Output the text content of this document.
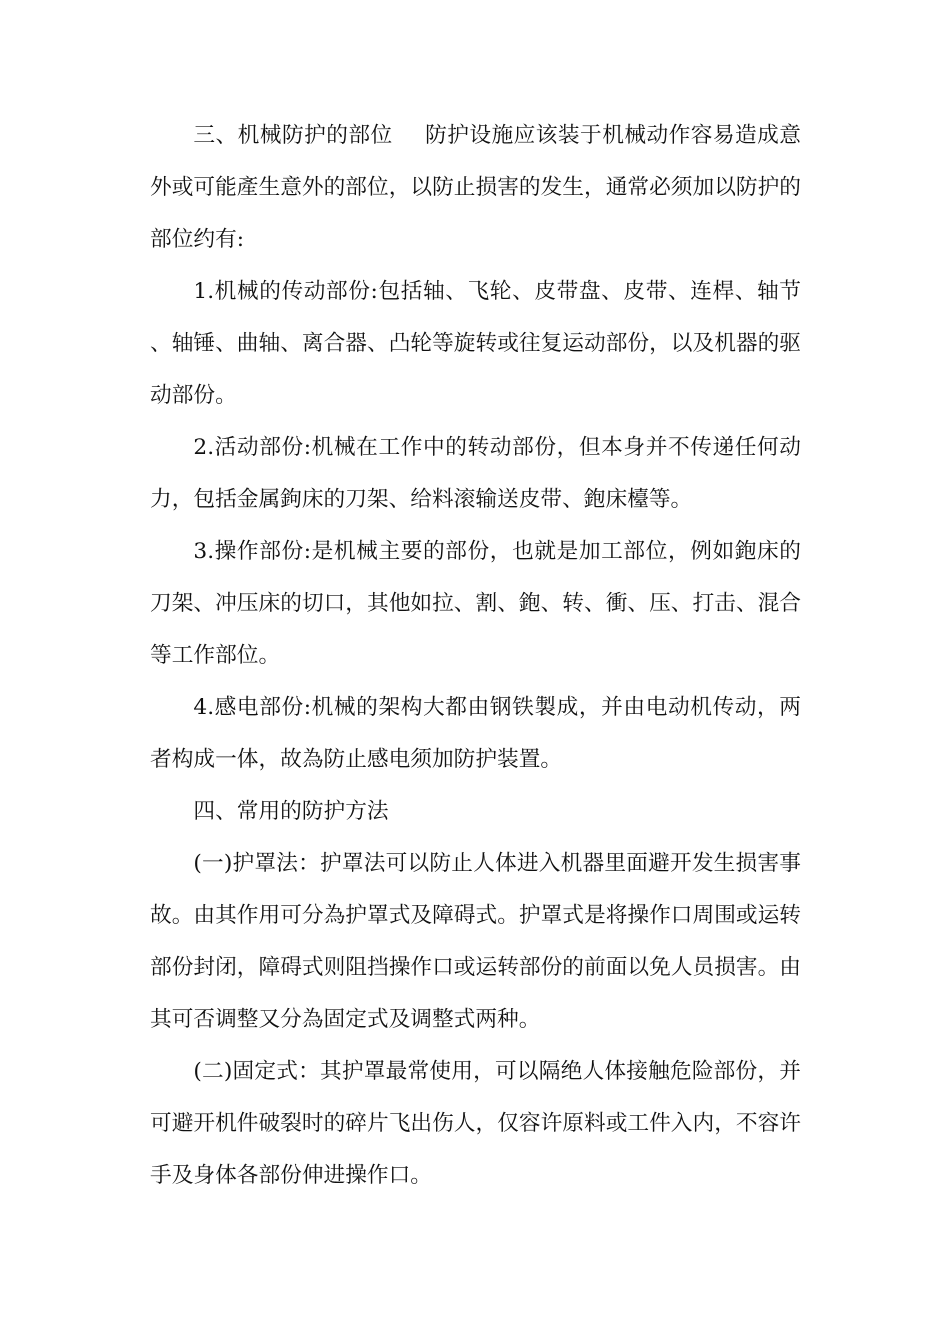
三、机械防护的部位 防护设施应该装于机械动作容易造成意外或可能產生意外的部位，以防止损害的发生，通常必须加以防护的部位约有:

1.机械的传动部份:包括轴、飞轮、皮带盘、皮带、连桿、轴节、轴锤、曲轴、离合器、凸轮等旋转或往复运动部份，以及机器的驱动部份。

2.活动部份:机械在工作中的转动部份，但本身并不传递任何动力，包括金属鉤床的刀架、给料滚输送皮带、鉋床檯等。

3.操作部份:是机械主要的部份，也就是加工部位，例如鉋床的刀架、冲压床的切口，其他如拉、割、鉋、转、衝、压、打击、混合等工作部位。

4.感电部份:机械的架构大都由钢铁製成，并由电动机传动，两者构成一体，故為防止感电须加防护装置。

四、常用的防护方法

(一)护罩法：护罩法可以防止人体进入机器里面避开发生损害事故。由其作用可分為护罩式及障碍式。护罩式是将操作口周围或运转部份封闭，障碍式则阻挡操作口或运转部份的前面以免人员损害。由其可否调整又分為固定式及调整式两种。

(二)固定式：其护罩最常使用，可以隔绝人体接触危险部份，并可避开机件破裂时的碎片飞出伤人，仅容许原料或工件入内，不容许手及身体各部份伸进操作口。
